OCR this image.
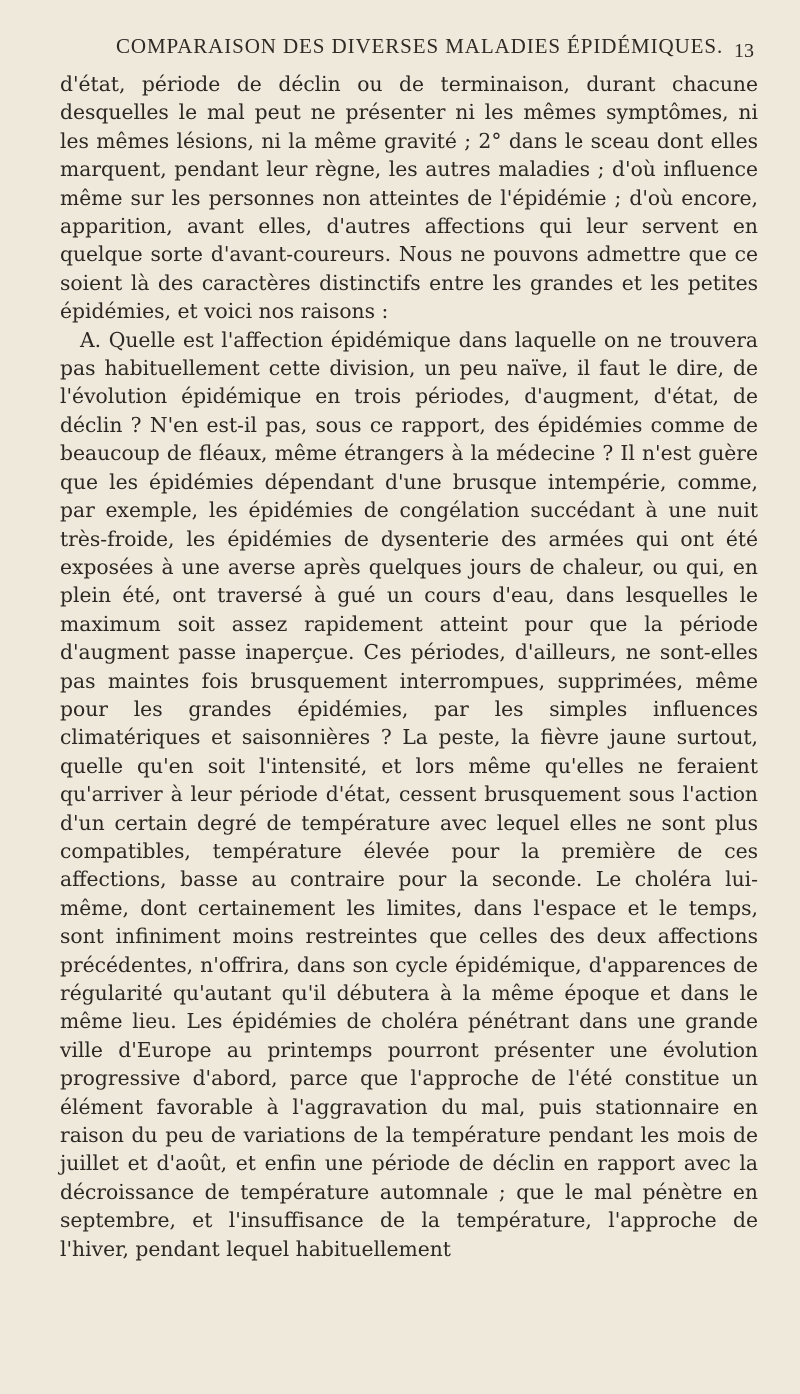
COMPARAISON DES DIVERSES MALADIES ÉPIDÉMIQUES. 13

d'état, période de déclin ou de terminaison, durant chacune desquelles le mal peut ne présenter ni les mêmes symptômes, ni les mêmes lésions, ni la même gravité ; 2° dans le sceau dont elles marquent, pendant leur règne, les autres maladies ; d'où influence même sur les personnes non atteintes de l'épidémie ; d'où encore, apparition, avant elles, d'autres affections qui leur servent en quelque sorte d'avant-coureurs. Nous ne pouvons admettre que ce soient là des caractères distinctifs entre les grandes et les petites épidémies, et voici nos raisons :

A. Quelle est l'affection épidémique dans laquelle on ne trouvera pas habituellement cette division, un peu naïve, il faut le dire, de l'évolution épidémique en trois périodes, d'augment, d'état, de déclin ? N'en est-il pas, sous ce rapport, des épidémies comme de beaucoup de fléaux, même étrangers à la médecine ? Il n'est guère que les épidémies dépendant d'une brusque intempérie, comme, par exemple, les épidémies de congélation succédant à une nuit très-froide, les épidémies de dysenterie des armées qui ont été exposées à une averse après quelques jours de chaleur, ou qui, en plein été, ont traversé à gué un cours d'eau, dans lesquelles le maximum soit assez rapidement atteint pour que la période d'augment passe inaperçue. Ces périodes, d'ailleurs, ne sont-elles pas maintes fois brusquement interrompues, supprimées, même pour les grandes épidémies, par les simples influences climatériques et saisonnières ? La peste, la fièvre jaune surtout, quelle qu'en soit l'intensité, et lors même qu'elles ne feraient qu'arriver à leur période d'état, cessent brusquement sous l'action d'un certain degré de température avec lequel elles ne sont plus compatibles, température élevée pour la première de ces affections, basse au contraire pour la seconde. Le choléra lui-même, dont certainement les limites, dans l'espace et le temps, sont infiniment moins restreintes que celles des deux affections précédentes, n'offrira, dans son cycle épidémique, d'apparences de régularité qu'autant qu'il débutera à la même époque et dans le même lieu. Les épidémies de choléra pénétrant dans une grande ville d'Europe au printemps pourront présenter une évolution progressive d'abord, parce que l'approche de l'été constitue un élément favorable à l'aggravation du mal, puis stationnaire en raison du peu de variations de la température pendant les mois de juillet et d'août, et enfin une période de déclin en rapport avec la décroissance de température automnale ; que le mal pénètre en septembre, et l'insuffisance de la température, l'approche de l'hiver, pendant lequel habituellement
